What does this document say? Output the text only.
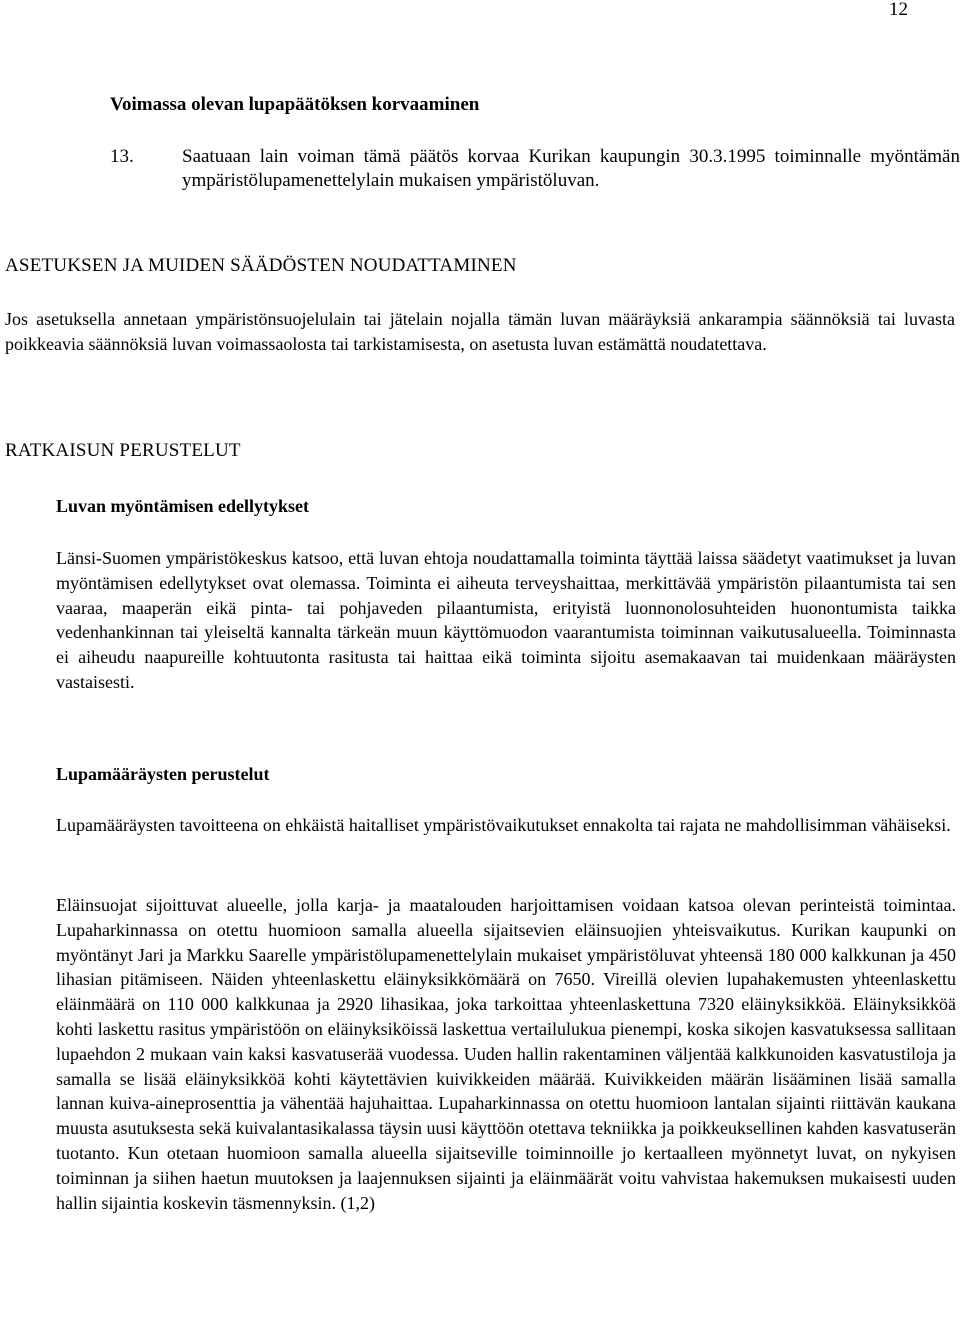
12
Voimassa olevan lupapäätöksen korvaaminen
13.	Saatuaan lain voiman tämä päätös korvaa Kurikan kaupungin 30.3.1995 toiminnalle myöntämän ympäristölupamenettelylain mukaisen ympäristöluvan.
ASETUKSEN JA MUIDEN SÄÄDÖSTEN NOUDATTAMINEN
Jos asetuksella annetaan ympäristönsuojelulain tai jätelain nojalla tämän luvan määräyksiä ankarampia säännöksiä tai luvasta poikkeavia säännöksiä luvan voimassaolosta tai tarkistamisesta, on asetusta luvan estämättä noudatettava.
RATKAISUN PERUSTELUT
Luvan myöntämisen edellytykset
Länsi-Suomen ympäristökeskus katsoo, että luvan ehtoja noudattamalla toiminta täyttää laissa säädetyt vaatimukset ja luvan myöntämisen edellytykset ovat olemassa. Toiminta ei aiheuta terveyshaittaa, merkittävää ympäristön pilaantumista tai sen vaaraa, maaperän eikä pinta- tai pohjaveden pilaantumista, erityistä luonnonolosuhteiden huonontumista taikka vedenhankinnan tai yleiseltä kannalta tärkeän muun käyttömuodon vaarantumista toiminnan vaikutusalueella. Toiminnasta ei aiheudu naapureille kohtuutonta rasitusta tai haittaa eikä toiminta sijoitu asemakaavan tai muidenkaan määräysten vastaisesti.
Lupamääräysten perustelut
Lupamääräysten tavoitteena on ehkäistä haitalliset ympäristövaikutukset ennakolta tai rajata ne mahdollisimman vähäiseksi.
Eläinsuojat sijoittuvat alueelle, jolla karja- ja maatalouden harjoittamisen voidaan katsoa olevan perinteistä toimintaa. Lupaharkinnassa on otettu huomioon samalla alueella sijaitsevien eläinsuojien yhteisvaikutus. Kurikan kaupunki on myöntänyt Jari ja Markku Saarelle ympäristölupamenettelylain mukaiset ympäristöluvat yhteensä 180 000 kalkkunan ja 450 lihasian pitämiseen. Näiden yhteenlaskettu eläinyksikkömäärä on 7650. Vireillä olevien lupahakemusten yhteenlaskettu eläinmäärä on 110 000 kalkkunaa ja 2920 lihasikaa, joka tarkoittaa yhteenlaskettuna 7320 eläinyksikköä. Eläinyksikköä kohti laskettu rasitus ympäristöön on eläinyksiköissä laskettua vertailulukua pienempi, koska sikojen kasvatuksessa sallitaan lupaehdon 2 mukaan vain kaksi kasvatuserää vuodessa. Uuden hallin rakentaminen väljentää kalkkunoiden kasvatustiloja ja samalla se lisää eläinyksikköä kohti käytettävien kuivikkeiden määrää. Kuivikkeiden määrän lisääminen lisää samalla lannan kuiva-aineprosenttia ja vähentää hajuhaittaa. Lupaharkinnassa on otettu huomioon lantalan sijainti riittävän kaukana muusta asutuksesta sekä kuivalantasikalassa täysin uusi käyttöön otettava tekniikka ja poikkeuksellinen kahden kasvatuserän tuotanto. Kun otetaan huomioon samalla alueella sijaitseville toiminnoille jo kertaalleen myönnetyt luvat, on nykyisen toiminnan ja siihen haetun muutoksen ja laajennuksen sijainti ja eläinmäärät voitu vahvistaa hakemuksen mukaisesti uuden hallin sijaintia koskevin täsmennyksin. (1,2)
